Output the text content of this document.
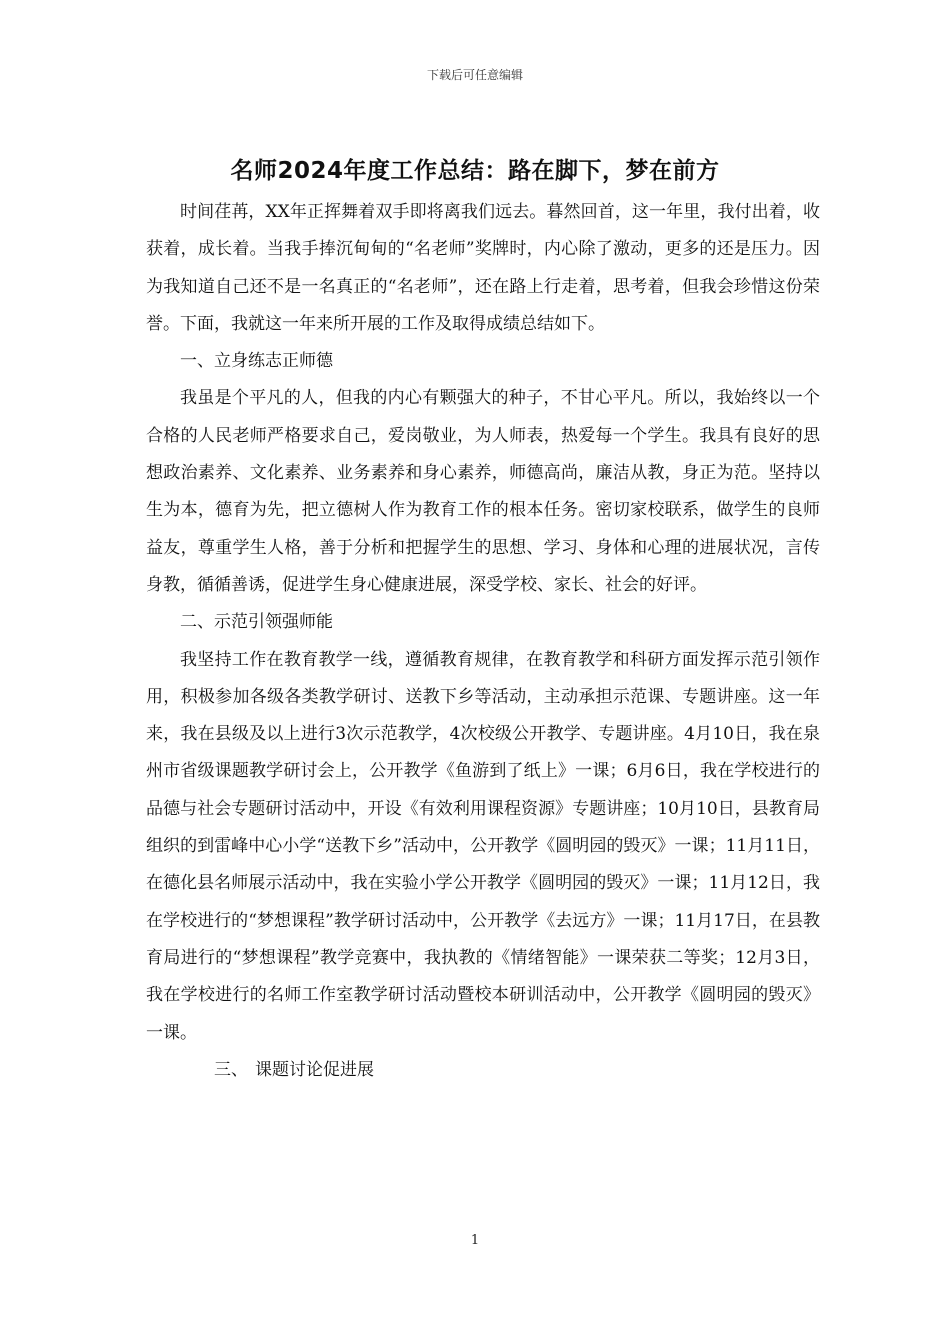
下载后可任意编辑
名师2024年度工作总结：路在脚下，梦在前方

时间荏苒，XX年正挥舞着双手即将离我们远去。暮然回首，这一年里，我付出着，收获着，成长着。当我手捧沉甸甸的“名老师”奖牌时，内心除了激动，更多的还是压力。因为我知道自己还不是一名真正的“名老师”，还在路上行走着，思考着，但我会珍惜这份荣誉。下面，我就这一年来所开展的工作及取得成绩总结如下。

一、立身练志正师德

我虽是个平凡的人，但我的内心有颗强大的种子，不甘心平凡。所以，我始终以一个合格的人民老师严格要求自己，爱岗敬业，为人师表，热爱每一个学生。我具有良好的思想政治素养、文化素养、业务素养和身心素养，师德高尚，廉洁从教，身正为范。坚持以生为本，德育为先，把立德树人作为教育工作的根本任务。密切家校联系，做学生的良师益友，尊重学生人格，善于分析和把握学生的思想、学习、身体和心理的进展状况，言传身教，循循善诱，促进学生身心健康进展，深受学校、家长、社会的好评。

二、示范引领强师能

我坚持工作在教育教学一线，遵循教育规律，在教育教学和科研方面发挥示范引领作用，积极参加各级各类教学研讨、送教下乡等活动，主动承担示范课、专题讲座。这一年来，我在县级及以上进行3次示范教学，4次校级公开教学、专题讲座。4月10日，我在泉州市省级课题教学研讨会上，公开教学《鱼游到了纸上》一课；6月6日，我在学校进行的品德与社会专题研讨活动中，开设《有效利用课程资源》专题讲座；10月10日，县教育局组织的到雷峰中心小学“送教下乡”活动中，公开教学《圆明园的毁灭》一课；11月11日，在德化县名师展示活动中，我在实验小学公开教学《圆明园的毁灭》一课；11月12日，我在学校进行的“梦想课程”教学研讨活动中，公开教学《去远方》一课；11月17日，在县教育局进行的“梦想课程”教学竞赛中，我执教的《情绪智能》一课荣获二等奖；12月3日，我在学校进行的名师工作室教学研讨活动暨校本研训活动中，公开教学《圆明园的毁灭》一课。

三、 课题讨论促进展

1
